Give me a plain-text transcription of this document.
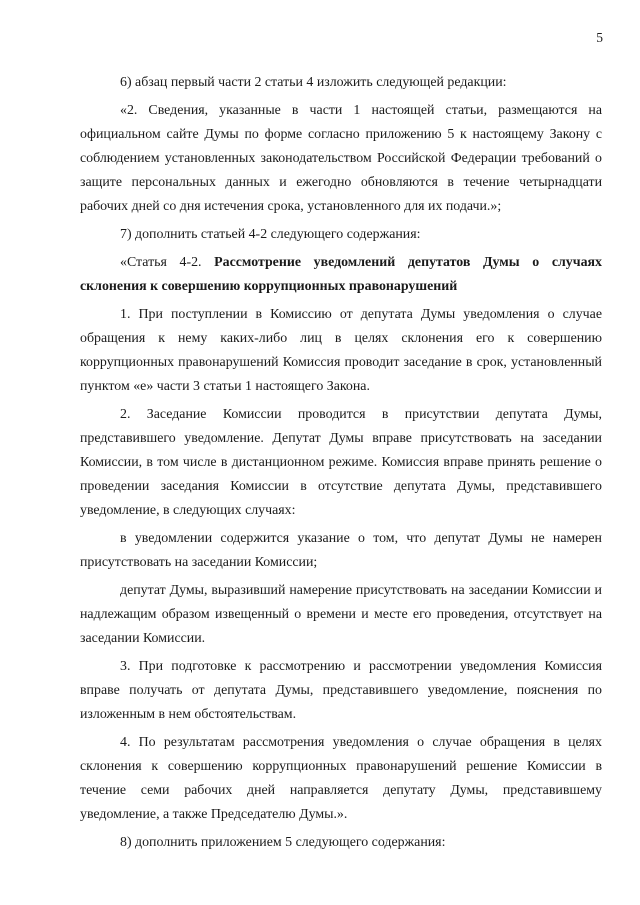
5

6) абзац первый части 2 статьи 4 изложить следующей редакции:

«2. Сведения, указанные в части 1 настоящей статьи, размещаются на официальном сайте Думы по форме согласно приложению 5 к настоящему Закону с соблюдением установленных законодательством Российской Федерации требований о защите персональных данных и ежегодно обновляются в течение четырнадцати рабочих дней со дня истечения срока, установленного для их подачи.»;

7) дополнить статьей 4-2 следующего содержания:

«Статья 4-2. Рассмотрение уведомлений депутатов Думы о случаях склонения к совершению коррупционных правонарушений

1. При поступлении в Комиссию от депутата Думы уведомления о случае обращения к нему каких-либо лиц в целях склонения его к совершению коррупционных правонарушений Комиссия проводит заседание в срок, установленный пунктом «е» части 3 статьи 1 настоящего Закона.

2. Заседание Комиссии проводится в присутствии депутата Думы, представившего уведомление. Депутат Думы вправе присутствовать на заседании Комиссии, в том числе в дистанционном режиме. Комиссия вправе принять решение о проведении заседания Комиссии в отсутствие депутата Думы, представившего уведомление, в следующих случаях:

в уведомлении содержится указание о том, что депутат Думы не намерен присутствовать на заседании Комиссии;

депутат Думы, выразивший намерение присутствовать на заседании Комиссии и надлежащим образом извещенный о времени и месте его проведения, отсутствует на заседании Комиссии.

3. При подготовке к рассмотрению и рассмотрении уведомления Комиссия вправе получать от депутата Думы, представившего уведомление, пояснения по изложенным в нем обстоятельствам.

4. По результатам рассмотрения уведомления о случае обращения в целях склонения к совершению коррупционных правонарушений решение Комиссии в течение семи рабочих дней направляется депутату Думы, представившему уведомление, а также Председателю Думы.».

8) дополнить приложением 5 следующего содержания:
